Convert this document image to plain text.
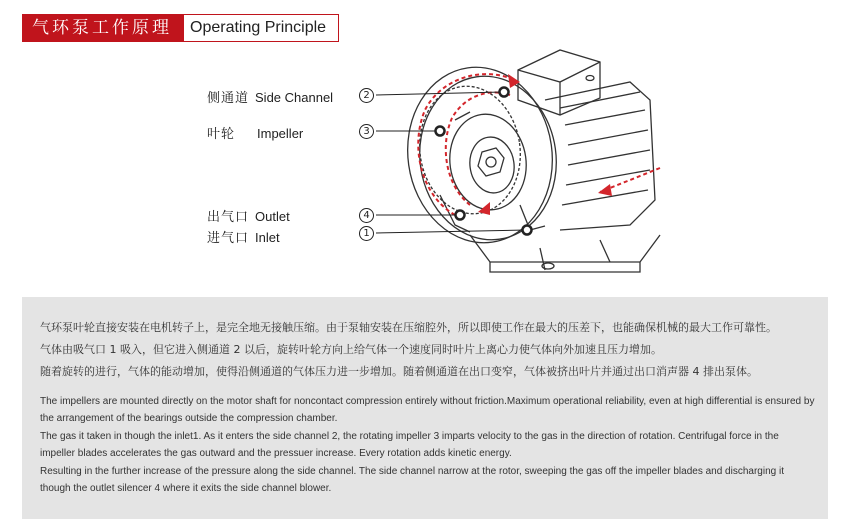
气环泵工作原理	Operating Principle
侧通道 Side Channel	2
叶轮 Impeller	3
出气口 Outlet	4
进气口 Inlet	1
气环泵叶轮直接安装在电机转子上，是完全地无接触压缩。由于泵轴安装在压缩腔外，所以即使工作在最大的压差下，也能确保机械的最大工作可靠性。
气体由吸气口 1 吸入，但它进入侧通道 2 以后，旋转叶轮方向上给气体一个速度同时叶片上离心力使气体向外加速且压力增加。
随着旋转的进行，气体的能动增加，使得沿侧通道的气体压力进一步增加。随着侧通道在出口变窄，气体被挤出叶片并通过出口消声器 4 排出泵体。
The impellers are mounted directly on the motor shaft for noncontact compression entirely without friction.Maximum operational reliability, even at high differential is ensured by the arrangement of the bearings outside the compression chamber.
The gas it taken in though the inlet1. As it enters the side channel 2, the rotating impeller 3 imparts velocity to the gas in the direction of rotation. Centrifugal force in the impeller blades accelerates the gas outward and the pressuer increase. Every rotation adds kinetic energy.
Resulting in the further increase of the pressure along the side channel. The side channel narrow at the rotor, sweeping the gas off the impeller blades and discharging it though the outlet silencer 4 where it exits the side channel blower.
